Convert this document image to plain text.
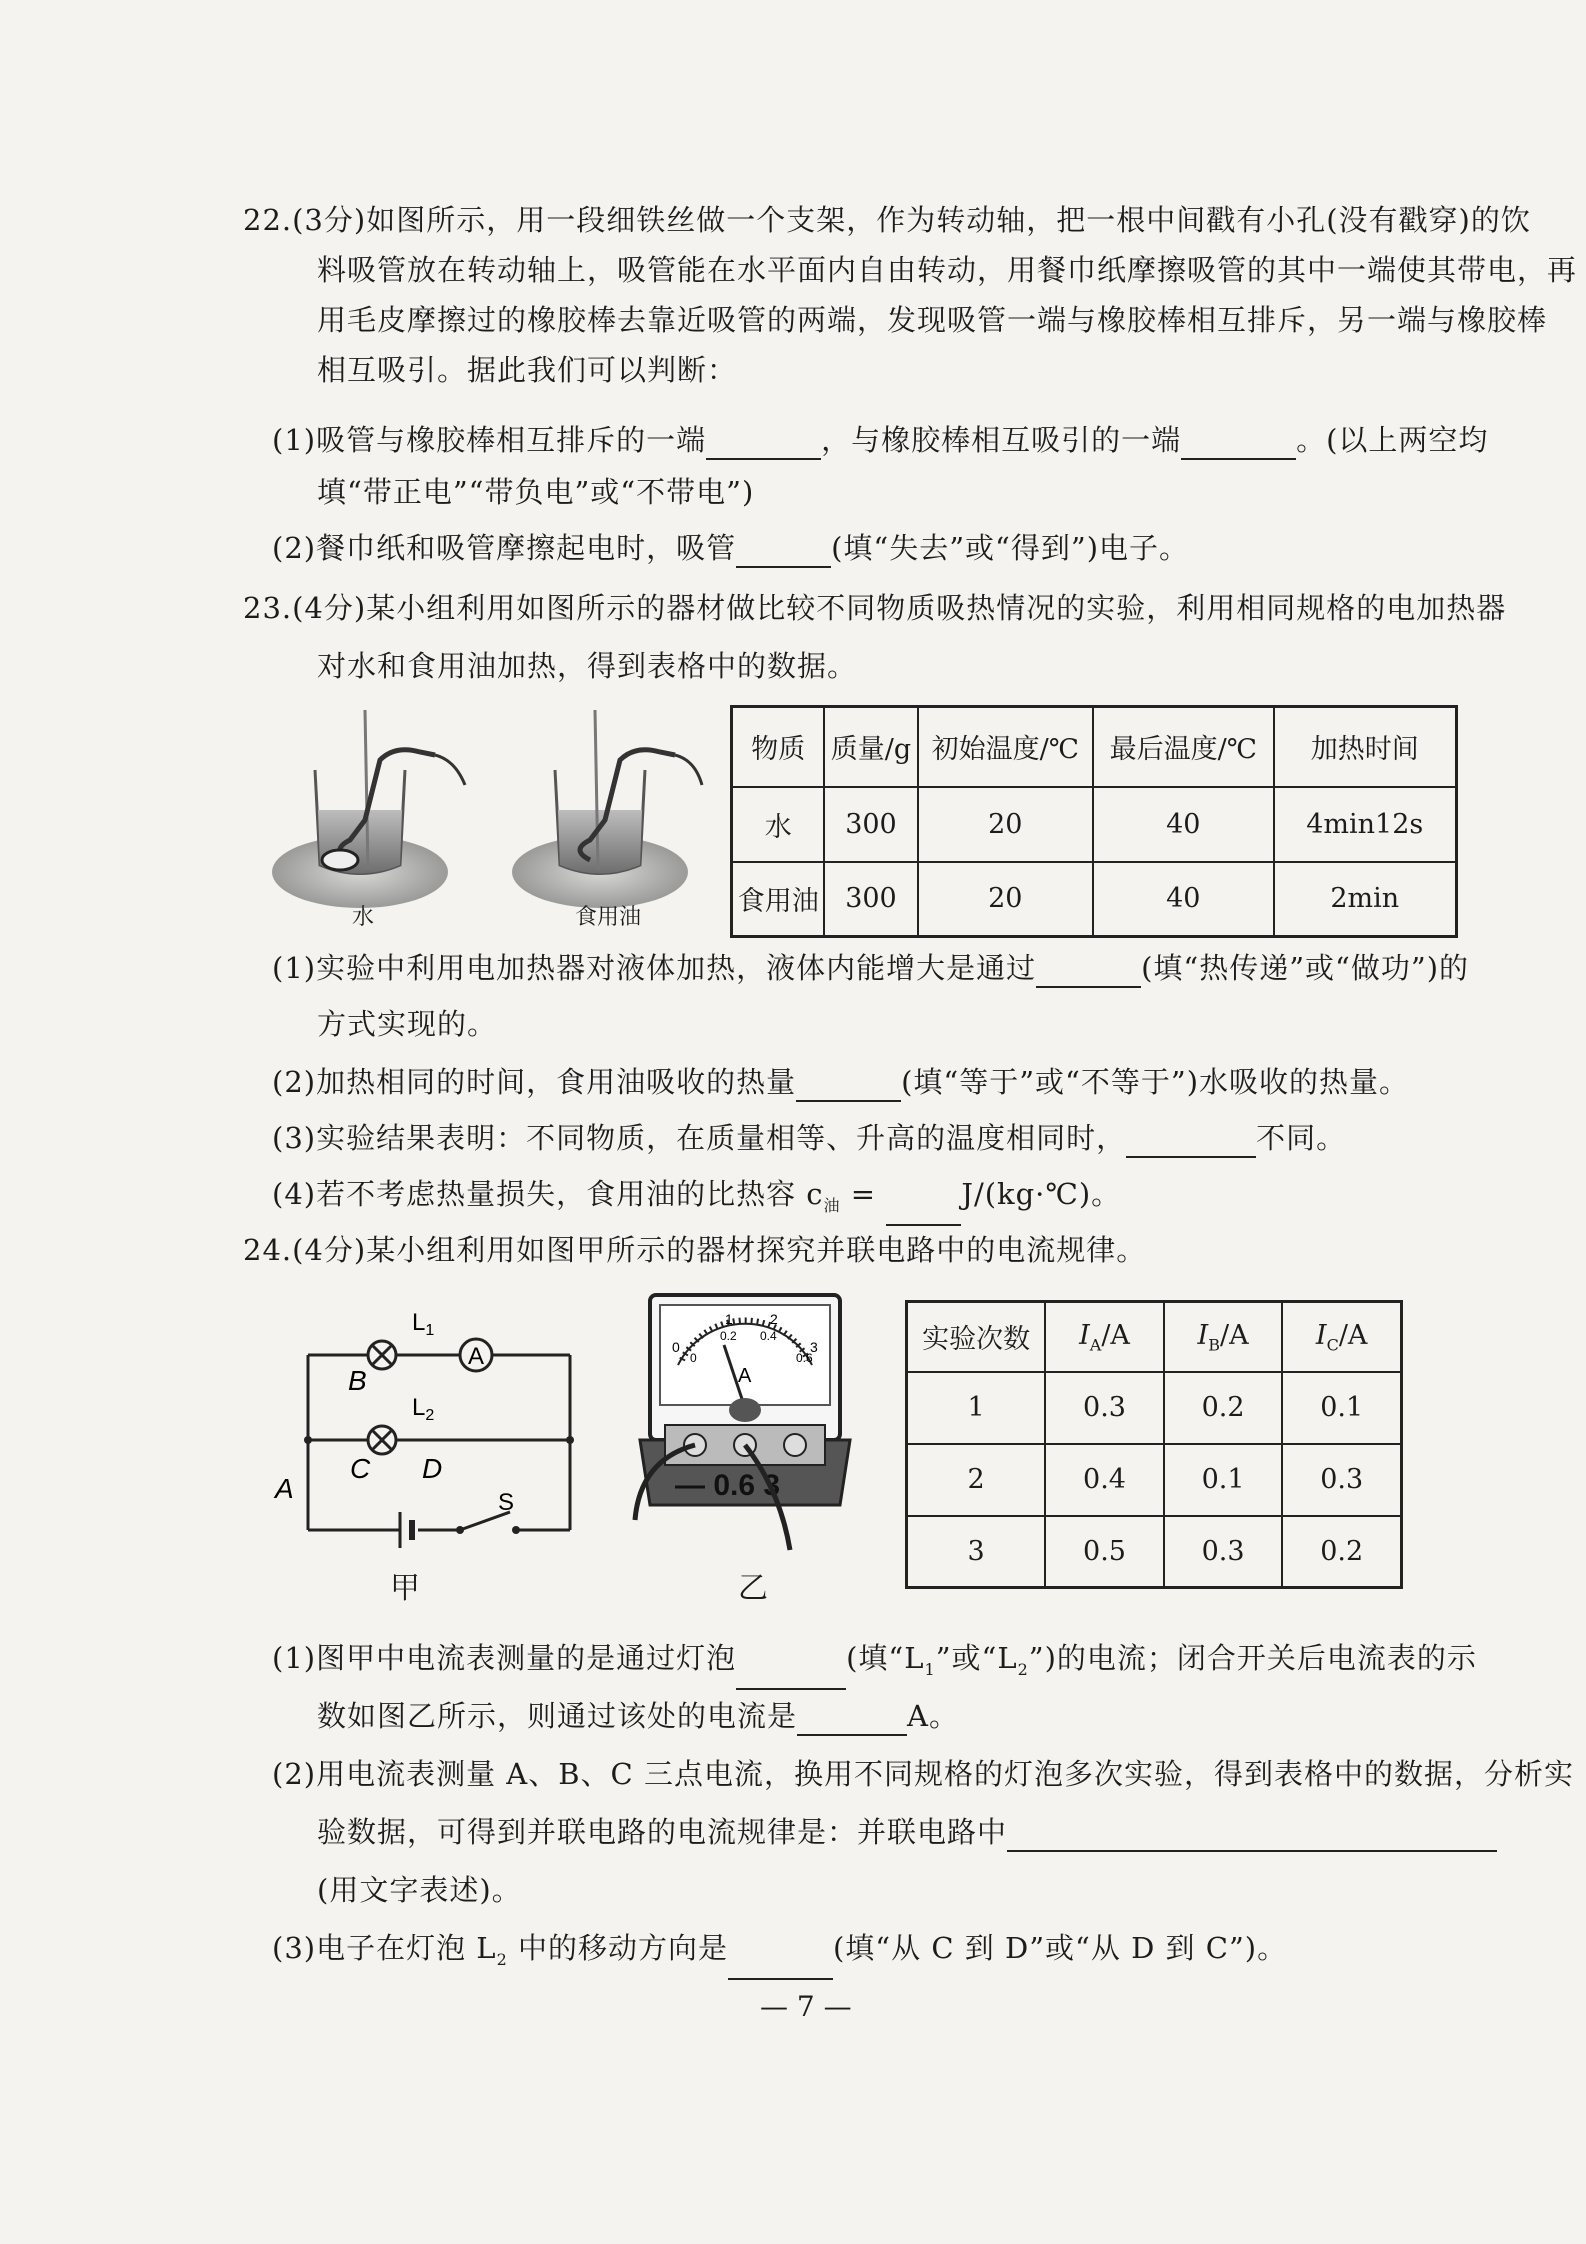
22.(3分)如图所示，用一段细铁丝做一个支架，作为转动轴，把一根中间戳有小孔(没有戳穿)的饮
料吸管放在转动轴上，吸管能在水平面内自由转动，用餐巾纸摩擦吸管的其中一端使其带电，再
用毛皮摩擦过的橡胶棒去靠近吸管的两端，发现吸管一端与橡胶棒相互排斥，另一端与橡胶棒
相互吸引。据此我们可以判断：
(1)吸管与橡胶棒相互排斥的一端	，与橡胶棒相互吸引的一端	。(以上两空均
填“带正电”“带负电”或“不带电”)
(2)餐巾纸和吸管摩擦起电时，吸管	(填“失去”或“得到”)电子。
23.(4分)某小组利用如图所示的器材做比较不同物质吸热情况的实验，利用相同规格的电加热器
对水和食用油加热，得到表格中的数据。
水	食用油
物质	质量/g	初始温度/℃	最后温度/℃	加热时间
水	300	20	40	4min12s
食用油	300	20	40	2min
(1)实验中利用电加热器对液体加热，液体内能增大是通过	(填“热传递”或“做功”)的
方式实现的。
(2)加热相同的时间，食用油吸收的热量	(填“等于”或“不等于”)水吸收的热量。
(3)实验结果表明：不同物质，在质量相等、升高的温度相同时，	不同。
(4)若不考虑热量损失，食用油的比热容 $c_油$ =	J/(kg·℃)。
24.(4分)某小组利用如图甲所示的器材探究并联电路中的电流规律。
A
$L_1$
$L_2$
B
C D
A	S
甲
0
1	2
3
0
0.2 0.4
0.6
A
— 0.6 3
乙
实验次数	$I_A/A$	$I_B/A$	$I_C/A$
1	0.3	0.2	0.1
2	0.4	0.1	0.3
3	0.5	0.3	0.2
(1)图甲中电流表测量的是通过灯泡	(填“$L_1$”或“$L_2$”)的电流；闭合开关后电流表的示
数如图乙所示，则通过该处的电流是	A。
(2)用电流表测量 A、B、C 三点电流，换用不同规格的灯泡多次实验，得到表格中的数据，分析实
验数据，可得到并联电路的电流规律是：并联电路中
(用文字表述)。
(3)电子在灯泡 $L_2$ 中的移动方向是	(填“从 C 到 D”或“从 D 到 C”)。
— 7 —
